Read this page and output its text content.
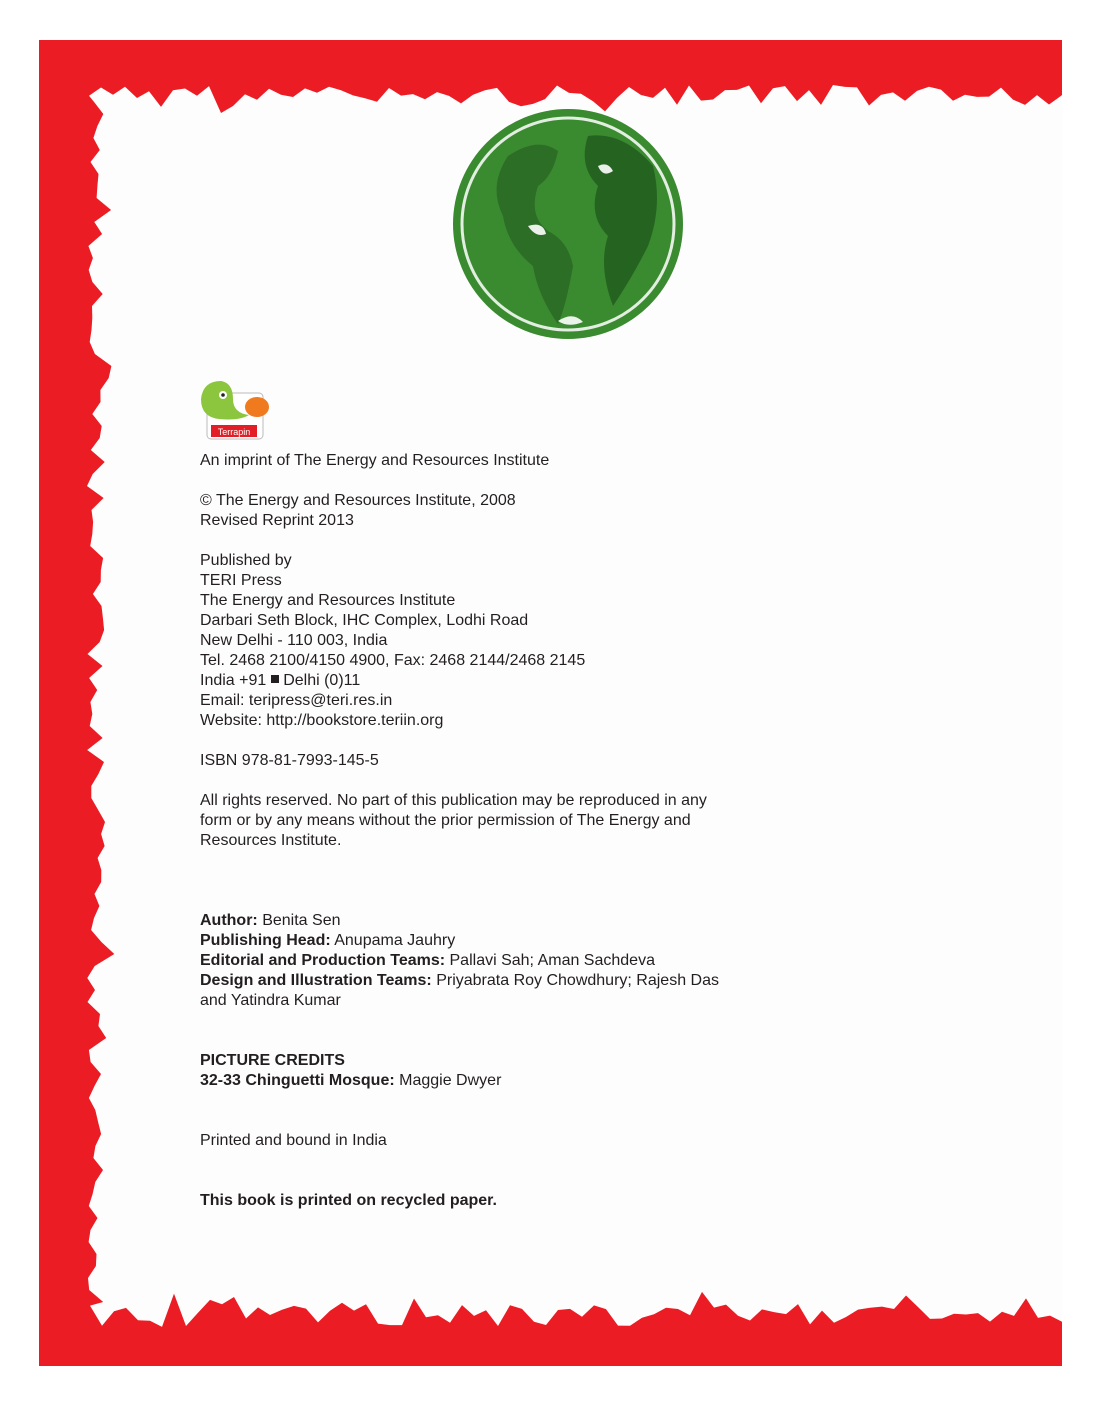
Terrapin
An imprint of The Energy and Resources Institute
© The Energy and Resources Institute, 2008
Revised Reprint 2013
Published by
TERI Press
The Energy and Resources Institute
Darbari Seth Block, IHC Complex, Lodhi Road
New Delhi - 110 003, India
Tel. 2468 2100/4150 4900, Fax: 2468 2144/2468 2145
India +91 Delhi (0)11
Email: teripress@teri.res.in
Website: http://bookstore.teriin.org
ISBN 978-81-7993-145-5
All rights reserved. No part of this publication may be reproduced in any
form or by any means without the prior permission of The Energy and
Resources Institute.
Author: Benita Sen
Publishing Head: Anupama Jauhry
Editorial and Production Teams: Pallavi Sah; Aman Sachdeva
Design and Illustration Teams: Priyabrata Roy Chowdhury; Rajesh Das
and Yatindra Kumar
PICTURE CREDITS
32-33 Chinguetti Mosque: Maggie Dwyer
Printed and bound in India
This book is printed on recycled paper.
